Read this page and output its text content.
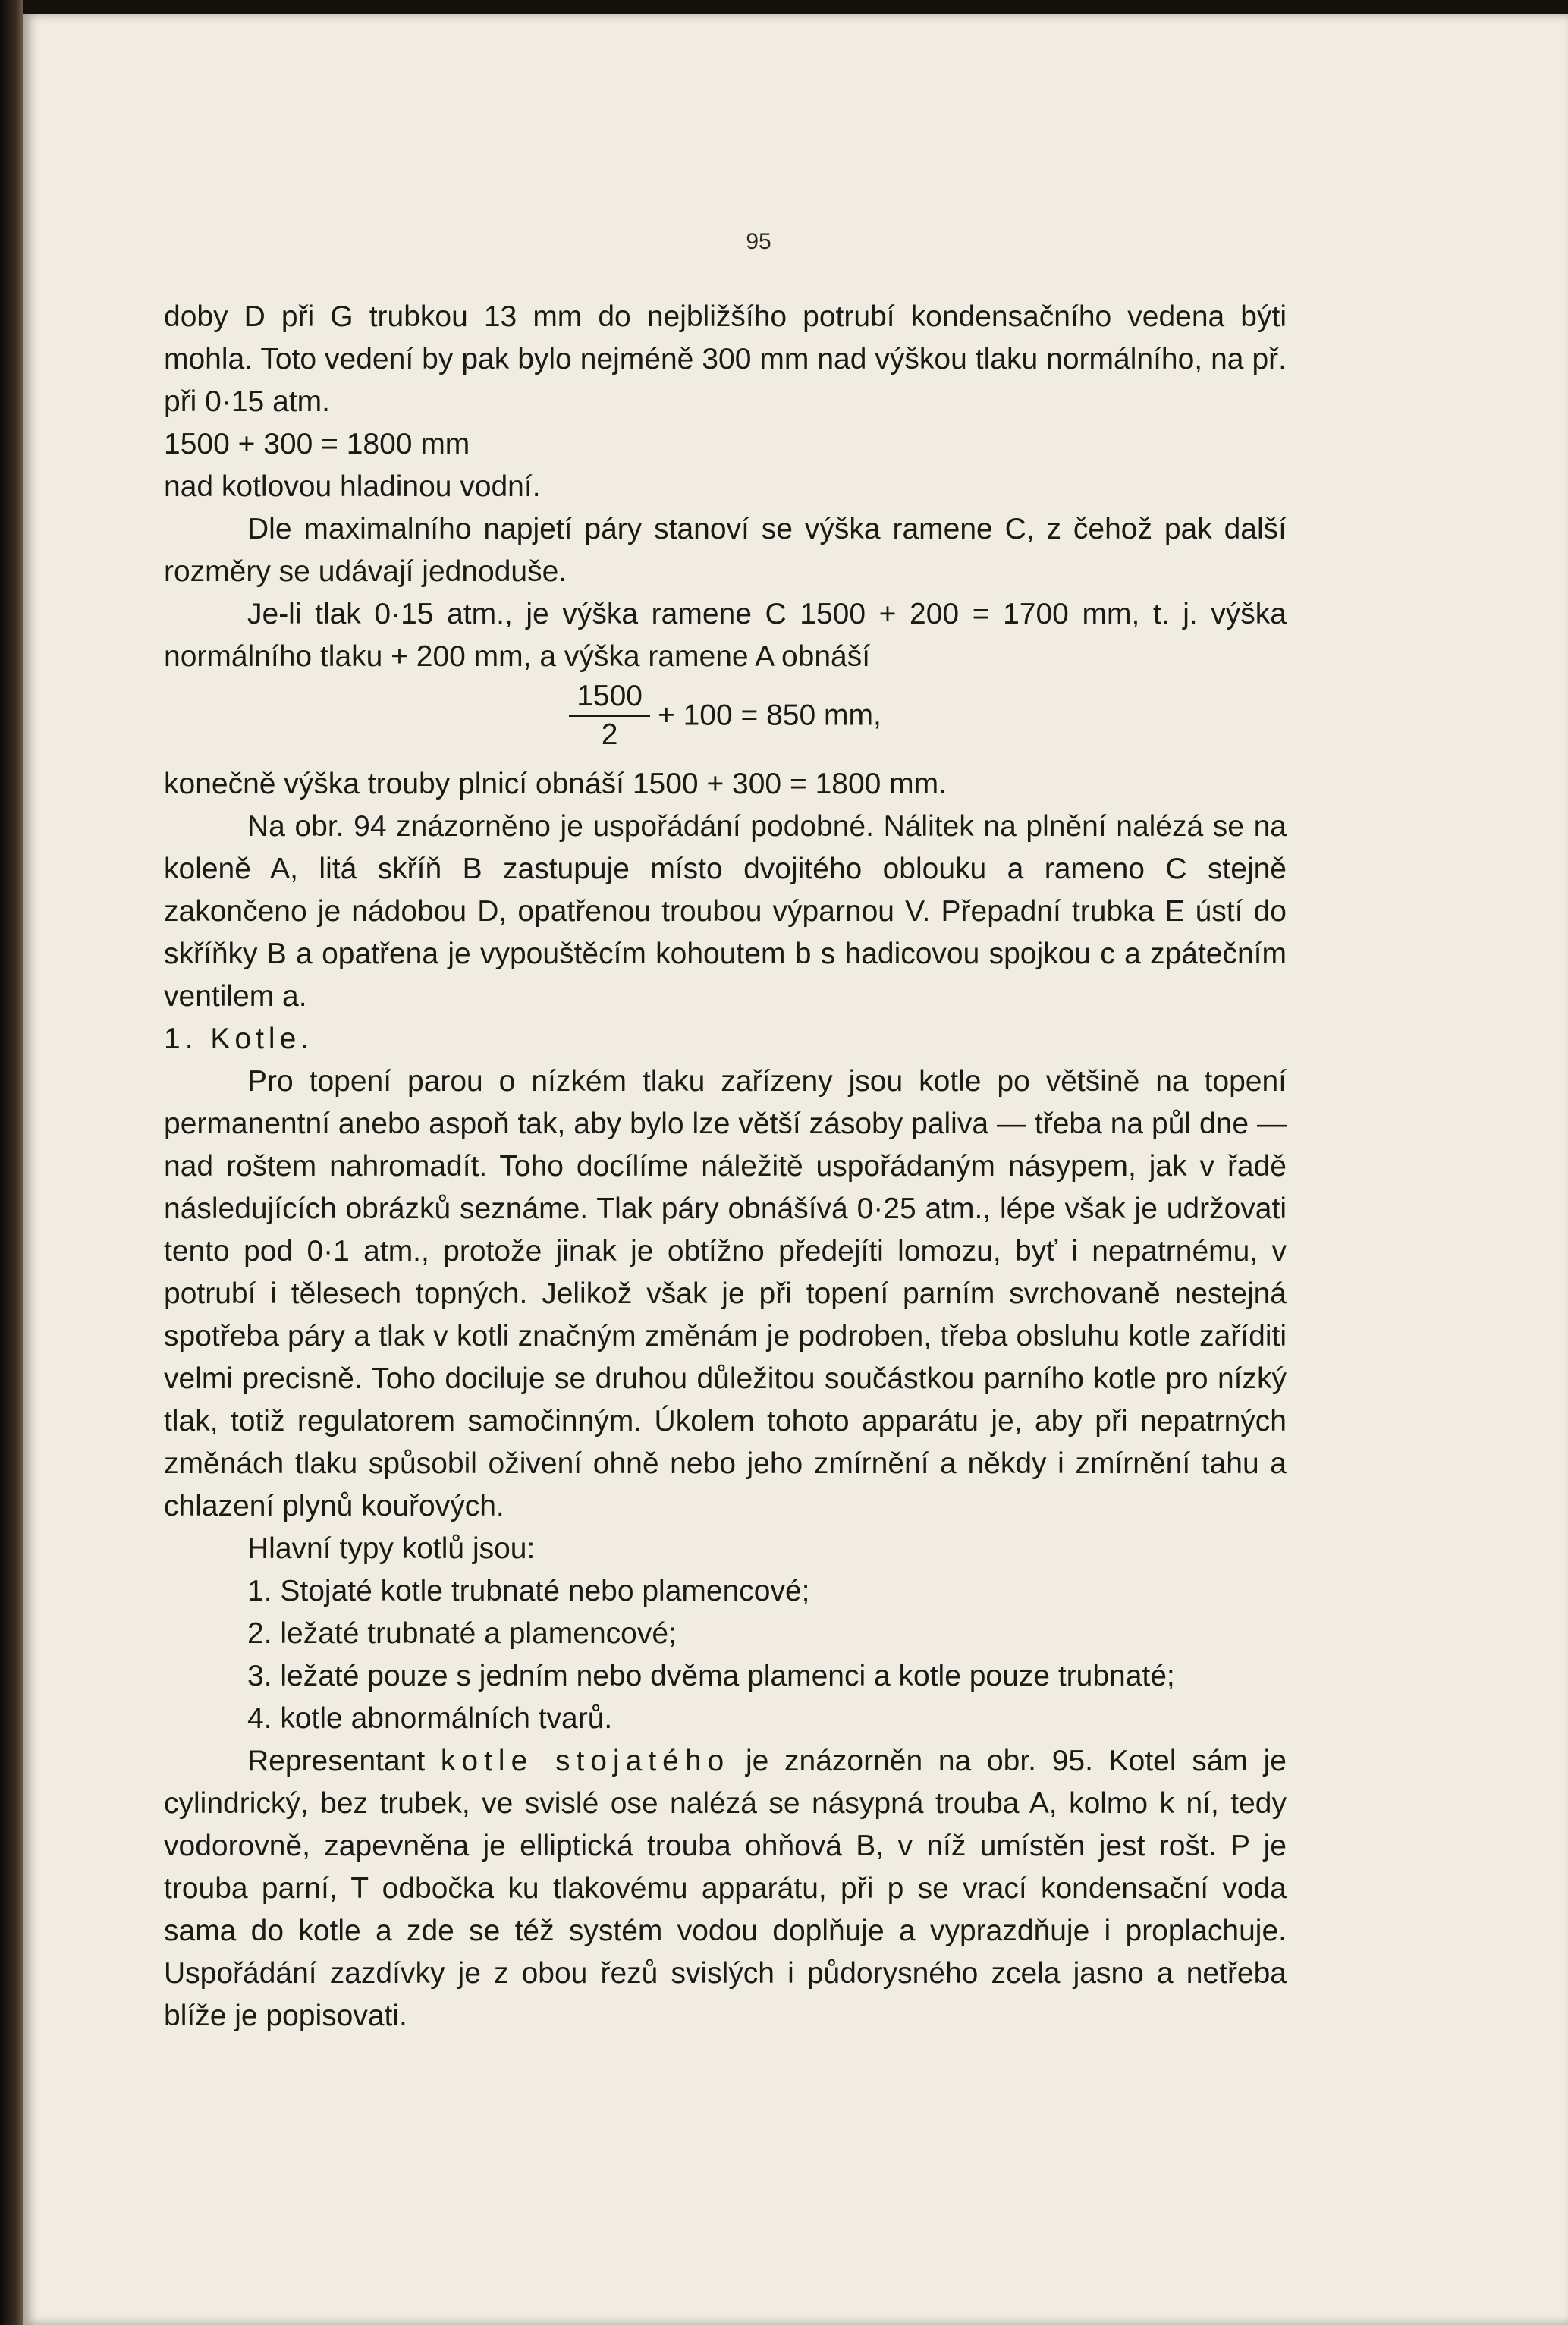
95

doby D při G trubkou 13 mm do nejbližšího potrubí kondensačního vedena býti mohla. Toto vedení by pak bylo nejméně 300 mm nad výškou tlaku normálního, na př. při 0·15 atm.

1500 + 300 = 1800 mm

nad kotlovou hladinou vodní.

Dle maximalního napjetí páry stanoví se výška ramene C, z čehož pak další rozměry se udávají jednoduše.

Je-li tlak 0·15 atm., je výška ramene C 1500 + 200 = 1700 mm, t. j. výška normálního tlaku + 200 mm, a výška ramene A obnáší

$\frac{1500}{2} + 100 = 850$ mm,

konečně výška trouby plnicí obnáší 1500 + 300 = 1800 mm.

Na obr. 94 znázorněno je uspořádání podobné. Nálitek na plnění nalézá se na koleně A, litá skříň B zastupuje místo dvojitého oblouku a rameno C stejně zakončeno je nádobou D, opatřenou troubou výparnou V. Přepadní trubka E ústí do skříňky B a opatřena je vypouštěcím kohoutem b s hadicovou spojkou c a zpátečním ventilem a.

1. Kotle.

Pro topení parou o nízkém tlaku zařízeny jsou kotle po většině na topení permanentní anebo aspoň tak, aby bylo lze větší zásoby paliva — třeba na půl dne — nad roštem nahromadít. Toho docílíme náležitě uspořádaným násypem, jak v řadě následujících obrázků seznáme. Tlak páry obnášívá 0·25 atm., lépe však je udržovati tento pod 0·1 atm., protože jinak je obtížno předejíti lomozu, byť i nepatrnému, v potrubí i tělesech topných. Jelikož však je při topení parním svrchovaně nestejná spotřeba páry a tlak v kotli značným změnám je podroben, třeba obsluhu kotle zaříditi velmi precisně. Toho dociluje se druhou důležitou součástkou parního kotle pro nízký tlak, totiž regulatorem samočinným. Úkolem tohoto apparátu je, aby při nepatrných změnách tlaku spůsobil oživení ohně nebo jeho zmírnění a někdy i zmírnění tahu a chlazení plynů kouřových.

Hlavní typy kotlů jsou:

1. Stojaté kotle trubnaté nebo plamencové;

2. ležaté trubnaté a plamencové;

3. ležaté pouze s jedním nebo dvěma plamenci a kotle pouze trubnaté;

4. kotle abnormálních tvarů.

Representant kotle stojatého je znázorněn na obr. 95. Kotel sám je cylindrický, bez trubek, ve svislé ose nalézá se násypná trouba A, kolmo k ní, tedy vodorovně, zapevněna je elliptická trouba ohňová B, v níž umístěn jest rošt. P je trouba parní, T odbočka ku tlakovému apparátu, při p se vrací kondensační voda sama do kotle a zde se též systém vodou doplňuje a vyprazdňuje i proplachuje. Uspořádání zazdívky je z obou řezů svislých i půdorysného zcela jasno a netřeba blíže je popisovati.
